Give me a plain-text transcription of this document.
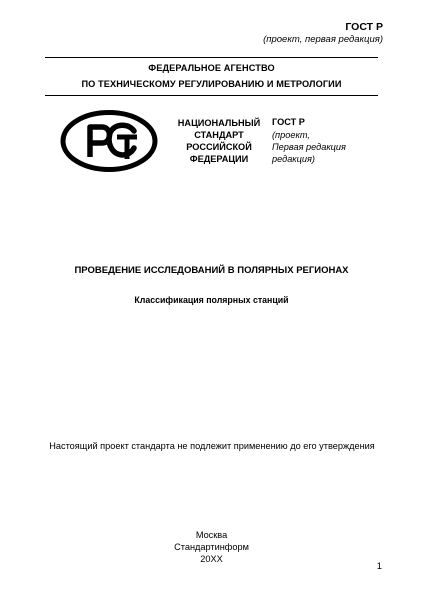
ГОСТ Р
(проект, первая редакция)
ФЕДЕРАЛЬНОЕ АГЕНСТВО
ПО ТЕХНИЧЕСКОМУ РЕГУЛИРОВАНИЮ И МЕТРОЛОГИИ
НАЦИОНАЛЬНЫЙ
СТАНДАРТ
РОССИЙСКОЙ
ФЕДЕРАЦИИ
ГОСТ Р
(проект,
Первая редакция
редакция)
ПРОВЕДЕНИЕ ИССЛЕДОВАНИЙ В ПОЛЯРНЫХ РЕГИОНАХ
Классификация полярных станций
Настоящий проект стандарта не подлежит применению до его утверждения
Москва
Стандартинформ
20XX
1
